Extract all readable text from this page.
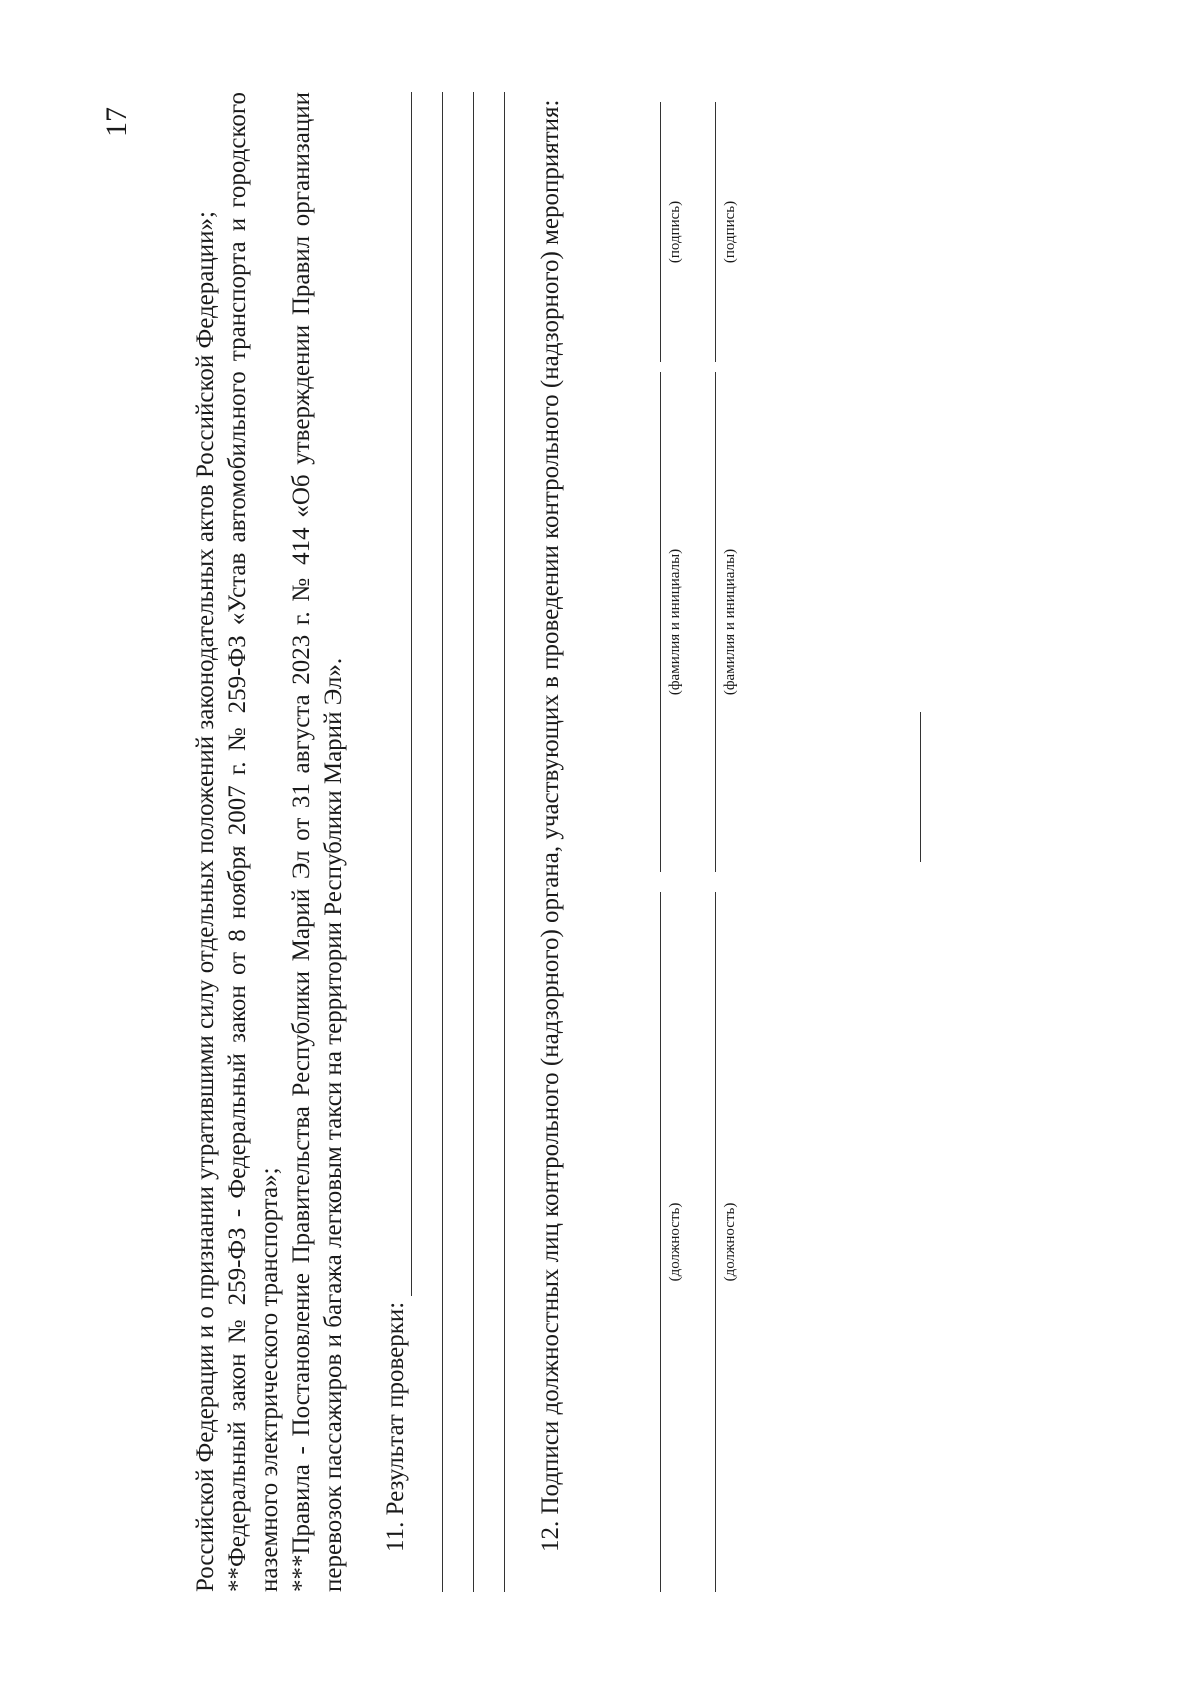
17

Российской Федерации и о признании утратившими силу отдельных положений законодательных актов Российской Федерации»; **Федеральный закон № 259-ФЗ - Федеральный закон от 8 ноября 2007 г. № 259-ФЗ «Устав автомобильного транспорта и городского наземного электрического транспорта»; ***Правила - Постановление Правительства Республики Марий Эл от 31 августа 2023 г. № 414 «Об утверждении Правил организации перевозок пассажиров и багажа легковым такси на территории Республики Марий Эл». 11. Результат проверки:	12. Подписи должностных лиц контрольного (надзорного) органа, участвующих в проведении контрольного (надзорного) мероприятия:	(должность)
(фамилия и инициалы)
(подпись)
(должность)
(фамилия и инициалы)
(подпись)
